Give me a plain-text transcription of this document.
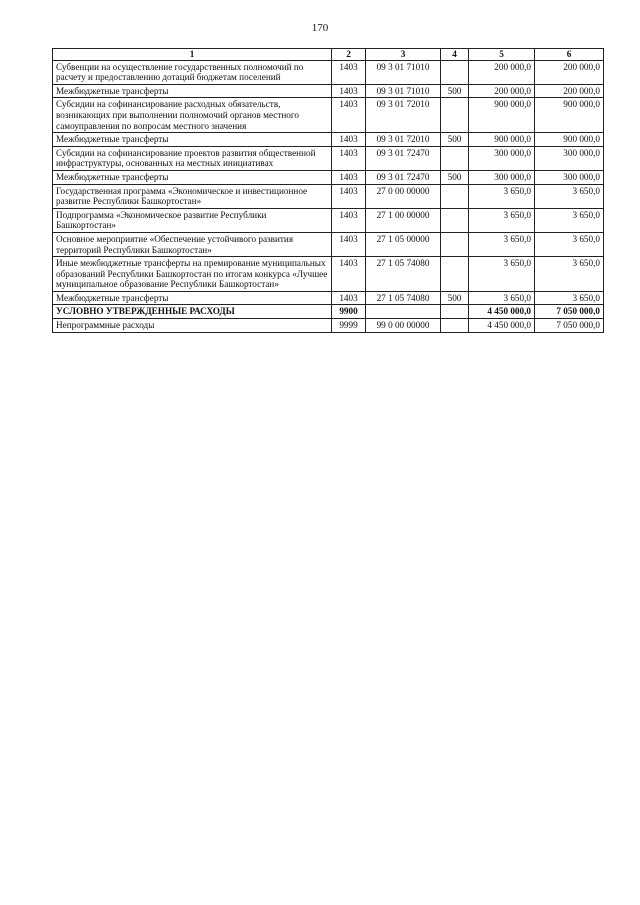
170
1	2	3	4	5	6
Субвенции на осуществление государственных полномочий по расчету и предоставлению дотаций бюджетам поселений	1403	09 3 01 71010		200 000,0	200 000,0
Межбюджетные трансферты	1403	09 3 01 71010	500	200 000,0	200 000,0
Субсидии на софинансирование расходных обязательств, возникающих при выполнении полномочий органов местного самоуправления по вопросам местного значения	1403	09 3 01 72010		900 000,0	900 000,0
Межбюджетные трансферты	1403	09 3 01 72010	500	900 000,0	900 000,0
Субсидии на софинансирование проектов развития общественной инфраструктуры, основанных на местных инициативах	1403	09 3 01 72470		300 000,0	300 000,0
Межбюджетные трансферты	1403	09 3 01 72470	500	300 000,0	300 000,0
Государственная программа «Экономическое и инвестиционное развитие Республики Башкортостан»	1403	27 0 00 00000		3 650,0	3 650,0
Подпрограмма «Экономическое развитие Республики Башкортостан»	1403	27 1 00 00000		3 650,0	3 650,0
Основное мероприятие «Обеспечение устойчивого развития территорий Республики Башкортостан»	1403	27 1 05 00000		3 650,0	3 650,0
Иные межбюджетные трансферты на премирование муниципальных образований Республики Башкортостан по итогам конкурса «Лучшее муниципальное образование Республики Башкортостан»	1403	27 1 05 74080		3 650,0	3 650,0
Межбюджетные трансферты	1403	27 1 05 74080	500	3 650,0	3 650,0
УСЛОВНО УТВЕРЖДЕННЫЕ РАСХОДЫ	9900			4 450 000,0	7 050 000,0
Непрограммные расходы	9999	99 0 00 00000		4 450 000,0	7 050 000,0
